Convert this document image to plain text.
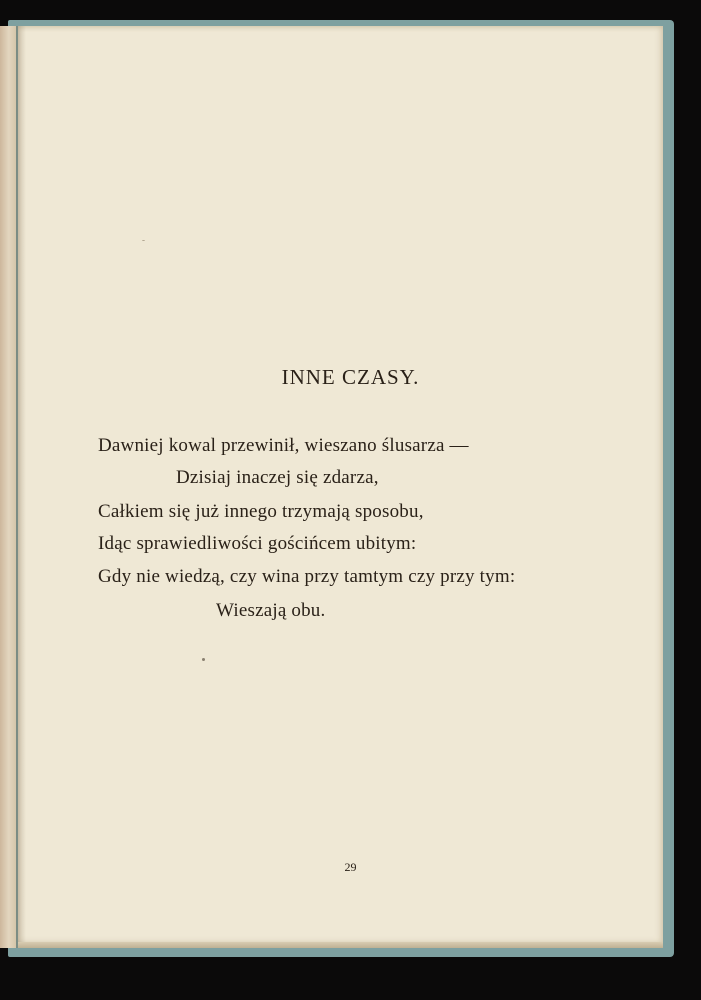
INNE CZASY.

Dawniej kowal przewinił, wieszano ślusarza —

Dzisiaj inaczej się zdarza,

Całkiem się już innego trzymają sposobu,

Idąc sprawiedliwości gościńcem ubitym:

Gdy nie wiedzą, czy wina przy tamtym czy przy tym:

Wieszają obu.

29
